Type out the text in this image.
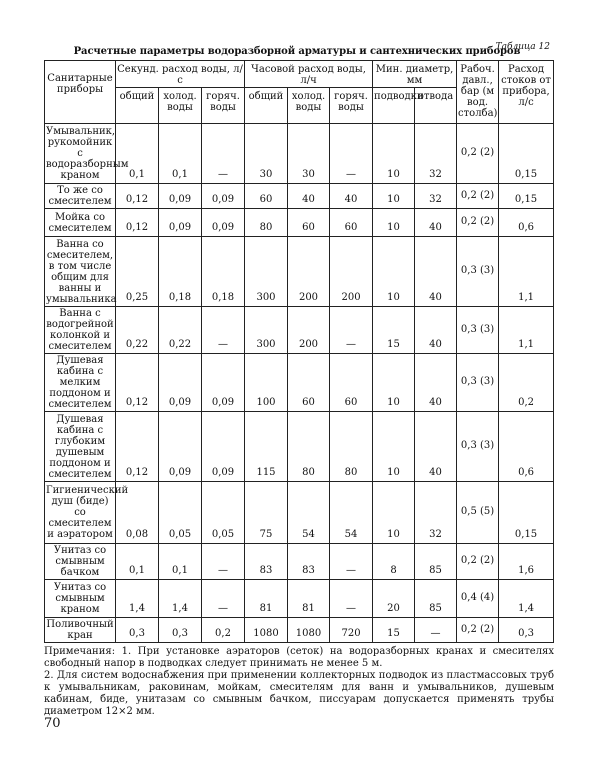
Таблица 12
Расчетные параметры водоразборной арматуры и сантехнических приборов
Санитарные приборы	Секунд. расход воды, л/с			Часовой расход воды, л/ч			Мин. диаметр, мм		Рабоч. давл., бар (м вод. столба)	Расход стоков от прибора, л/с
	общий	холод. воды	горяч. воды	общий	холод. воды	горяч. воды	подводки	отвода		
Умывальник, рукомойник с водоразборным краном	0,1	0,1	—	30	30	—	10	32	0,2 (2)	0,15
То же со смесителем	0,12	0,09	0,09	60	40	40	10	32	0,2 (2)	0,15
Мойка со смесителем	0,12	0,09	0,09	80	60	60	10	40	0,2 (2)	0,6
Ванна со смесителем, в том числе общим для ванны и умывальника	0,25	0,18	0,18	300	200	200	10	40	0,3 (3)	1,1
Ванна с водогрейной колонкой и смесителем	0,22	0,22	—	300	200	—	15	40	0,3 (3)	1,1
Душевая кабина с мелким поддоном и смесителем	0,12	0,09	0,09	100	60	60	10	40	0,3 (3)	0,2
Душевая кабина с глубоким душевым поддоном и смесителем	0,12	0,09	0,09	115	80	80	10	40	0,3 (3)	0,6
Гигиенический душ (биде) со смесителем и аэратором	0,08	0,05	0,05	75	54	54	10	32	0,5 (5)	0,15
Унитаз со смывным бачком	0,1	0,1	—	83	83	—	8	85	0,2 (2)	1,6
Унитаз со смывным краном	1,4	1,4	—	81	81	—	20	85	0,4 (4)	1,4
Поливочный кран	0,3	0,3	0,2	1080	1080	720	15	—	0,2 (2)	0,3

Примечания: 1. При установке аэраторов (сеток) на водоразборных кранах и смесителях свободный напор в подводках следует принимать не менее 5 м.

2. Для систем водоснабжения при применении коллекторных подводок из пластмассовых труб к умывальникам, раковинам, мойкам, смесителям для ванн и умывальников, душевым кабинам, биде, унитазам со смывным бачком, писсуарам допускается применять трубы диаметром 12×2 мм.

70
